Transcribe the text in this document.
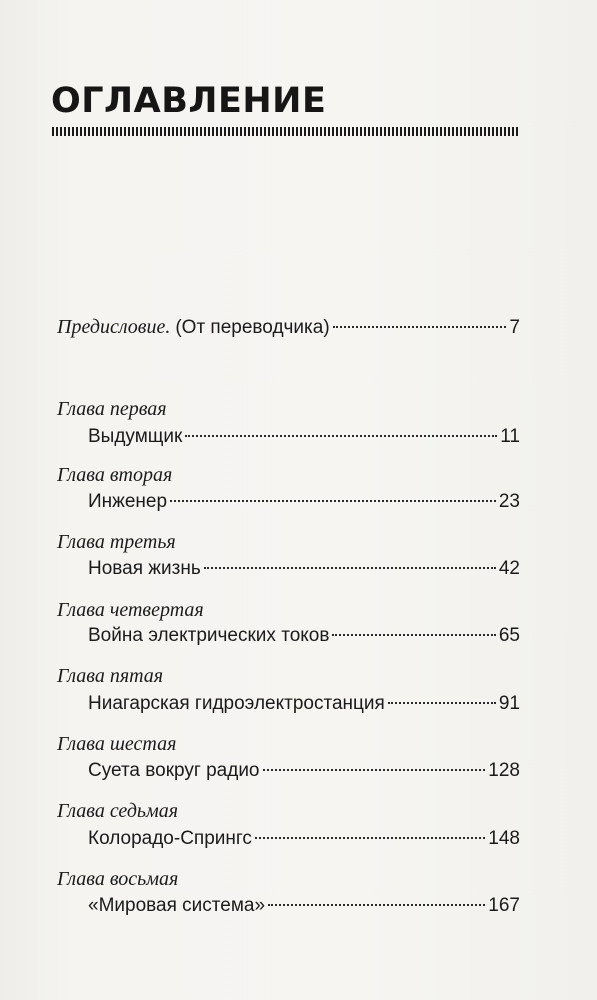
ОГЛАВЛЕНИЕ
Предисловие. (От переводчика)	7
Глава первая
Выдумщик	11
Глава вторая
Инженер	23
Глава третья
Новая жизнь	42
Глава четвертая
Война электрических токов	65
Глава пятая
Ниагарская гидроэлектростанция	91
Глава шестая
Суета вокруг радио	128
Глава седьмая
Колорадо-Спрингс	148
Глава восьмая
«Мировая система»	167
